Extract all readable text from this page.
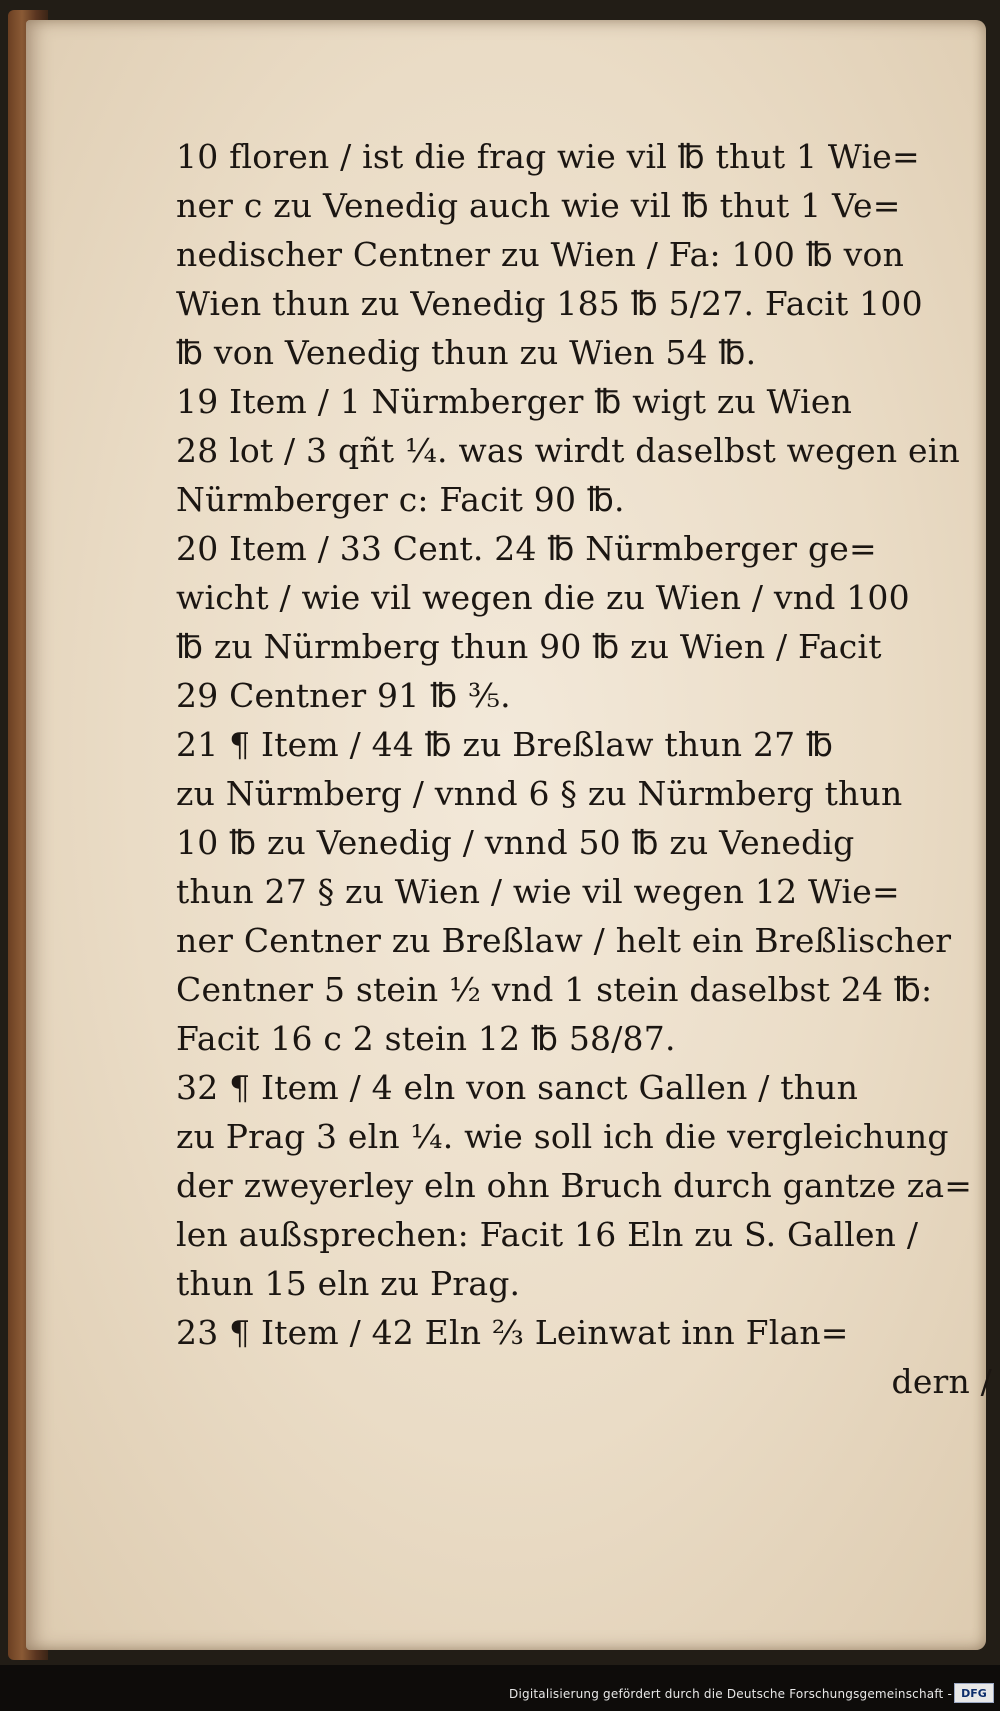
10 floren / ist die frag wie vil ℔ thut 1 Wie=
ner c zu Venedig auch wie vil ℔ thut 1 Ve=
nedischer Centner zu Wien / Fa: 100 ℔ von
Wien thun zu Venedig 185 ℔ 5/27. Facit 100
℔ von Venedig thun zu Wien 54 ℔.
19 Item / 1 Nürmberger ℔ wigt zu Wien
28 lot / 3 qñt ¼. was wirdt daselbst wegen ein
Nürmberger c: Facit 90 ℔.
20 Item / 33 Cent. 24 ℔ Nürmberger ge=
wicht / wie vil wegen die zu Wien / vnd 100
℔ zu Nürmberg thun 90 ℔ zu Wien / Facit
29 Centner 91 ℔ ⅗.
21 ¶ Item / 44 ℔ zu Breßlaw thun 27 ℔
zu Nürmberg / vnnd 6 § zu Nürmberg thun
10 ℔ zu Venedig / vnnd 50 ℔ zu Venedig
thun 27 § zu Wien / wie vil wegen 12 Wie=
ner Centner zu Breßlaw / helt ein Breßlischer
Centner 5 stein ½ vnd 1 stein daselbst 24 ℔:
Facit 16 c 2 stein 12 ℔ 58/87.
32 ¶ Item / 4 eln von sanct Gallen / thun
zu Prag 3 eln ¼. wie soll ich die vergleichung
der zweyerley eln ohn Bruch durch gantze za=
len außsprechen: Facit 16 Eln zu S. Gallen /
thun 15 eln zu Prag.
23 ¶ Item / 42 Eln ⅔ Leinwat inn Flan=
dern /
Digitalisierung gefördert durch die Deutsche Forschungsgemeinschaft - DFG
